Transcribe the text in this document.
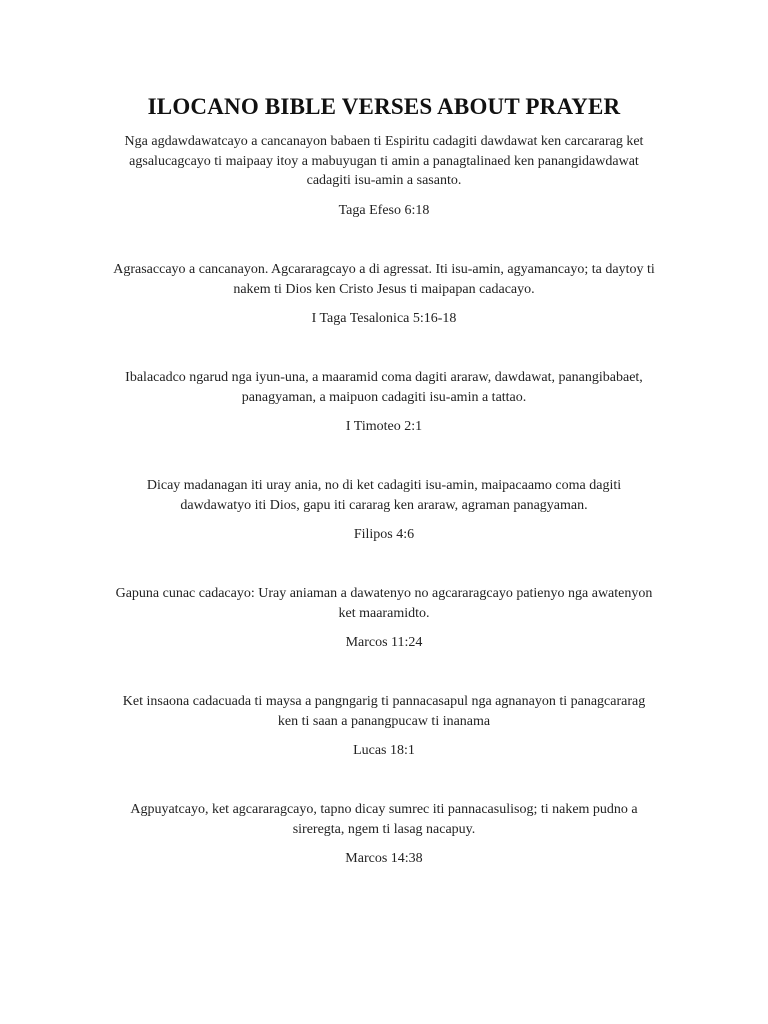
ILOCANO BIBLE VERSES ABOUT PRAYER

Nga agdawdawatcayo a cancanayon babaen ti Espiritu cadagiti dawdawat ken carcararag ket
agsalucagcayo ti maipaay itoy a mabuyugan ti amin a panagtalinaed ken panangidawdawat
cadagiti isu-amin a sasanto.

Taga Efeso 6:18

Agrasaccayo a cancanayon. Agcararagcayo a di agressat. Iti isu-amin, agyamancayo; ta daytoy ti
nakem ti Dios ken Cristo Jesus ti maipapan cadacayo.

I Taga Tesalonica 5:16-18

Ibalacadco ngarud nga iyun-una, a maaramid coma dagiti araraw, dawdawat, panangibabaet,
panagyaman, a maipuon cadagiti isu-amin a tattao.

I Timoteo 2:1

Dicay madanagan iti uray ania, no di ket cadagiti isu-amin, maipacaamo coma dagiti
dawdawatyo iti Dios, gapu iti cararag ken araraw, agraman panagyaman.

Filipos 4:6

Gapuna cunac cadacayo: Uray aniaman a dawatenyo no agcararagcayo patienyo nga awatenyon
ket maaramidto.

Marcos 11:24

Ket insaona cadacuada ti maysa a pangngarig ti pannacasapul nga agnanayon ti panagcararag
ken ti saan a panangpucaw ti inanama

Lucas 18:1

Agpuyatcayo, ket agcararagcayo, tapno dicay sumrec iti pannacasulisog; ti nakem pudno a
sireregta, ngem ti lasag nacapuy.

Marcos 14:38
